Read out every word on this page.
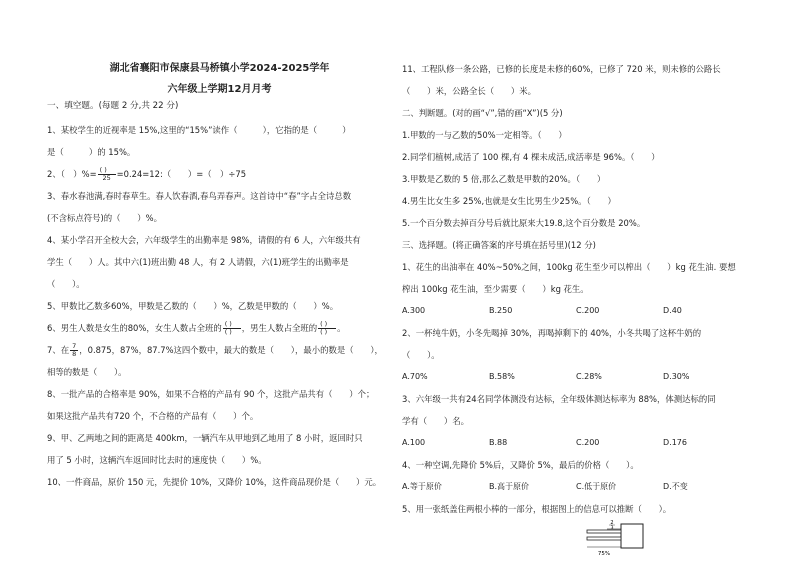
湖北省襄阳市保康县马桥镇小学2024-2025学年
六年级上学期12月月考
一、填空题。(每题 2 分,共 22 分)

1、某校学生的近视率是 15%,这里的“15%”读作（　　　），它指的是（　　　）

是（　　　）的 15%。

2、（　）%= $\frac{( )}{25}$ =0.24=12:（　　）=（　）÷75

3、春水春池满,春时春草生。春人饮春酒,春鸟弄春声。这首诗中“春”字占全诗总数

(不含标点符号)的（　　）%。

4、某小学召开全校大会，六年级学生的出勤率是 98%，请假的有 6 人，六年级共有

学生（　　）人。其中六(1)班出勤 48 人，有 2 人请假，六(1)班学生的出勤率是

（　　）。

5、甲数比乙数多60%，甲数是乙数的（　　）%，乙数是甲数的（　　）%。

6、男生人数是女生的80%，女生人数占全班的 $\frac{( )}{( )}$ ，男生人数占全班的 $\frac{( )}{( )}$ 。

7、在 $\frac{7}{8}$ ，0.875，87%，87.7%这四个数中，最大的数是（　　），最小的数是（　　），

相等的数是（　　）。

8、一批产品的合格率是 90%，如果不合格的产品有 90 个，这批产品共有（　　）个；

如果这批产品共有720 个，不合格的产品有（　　）个。

9、甲、乙两地之间的距离是 400km，一辆汽车从甲地到乙地用了 8 小时，返回时只

用了 5 小时，这辆汽车返回时比去时的速度快（　　）%。

10、一件商品，原价 150 元，先提价 10%，又降价 10%，这件商品现价是（　　）元。

11、工程队修一条公路，已修的长度是未修的60%，已修了 720 米，则未修的公路长

（　　）米，公路全长（　　）米。

二、判断题。(对的画“√”,错的画“X”)(5 分)
1.甲数的一与乙数的50%一定相等。（　　）
2.同学们植树,成活了 100 棵,有 4 棵未成活,成活率是 96%。（　　）
3.甲数是乙数的 5 倍,那么乙数是甲数的20%。（　　）
4.男生比女生多 25%,也就是女生比男生少25%。（　　）
5.一个百分数去掉百分号后就比原来大19.8,这个百分数是 20%。
三、选择题。(将正确答案的序号填在括号里)(12 分)

1、花生的出油率在 40%~50%之间，100kg 花生至少可以榨出（　　）kg 花生油. 要想

榨出 100kg 花生油，至少需要（　　）kg 花生。

A.300	B.250	C.200	D.40

2、一杯纯牛奶，小冬先喝掉 30%，再喝掉剩下的 40%，小冬共喝了这杯牛奶的

（　　）。

A.70%	B.58%	C.28%	D.30%

3、六年级一共有24名同学体测没有达标，全年级体测达标率为 88%，体测达标的同

学有（　　）名。

A.100	B.88	C.200	D.176
4、一种空调,先降价 5%后，又降价 5%，最后的价格（　　）。
A.等于原价	B.高于原价	C.低于原价	D.不变
5、用一张纸盖住两根小棒的一部分，根据图上的信息可以推断（　　）。
2
3
75%
